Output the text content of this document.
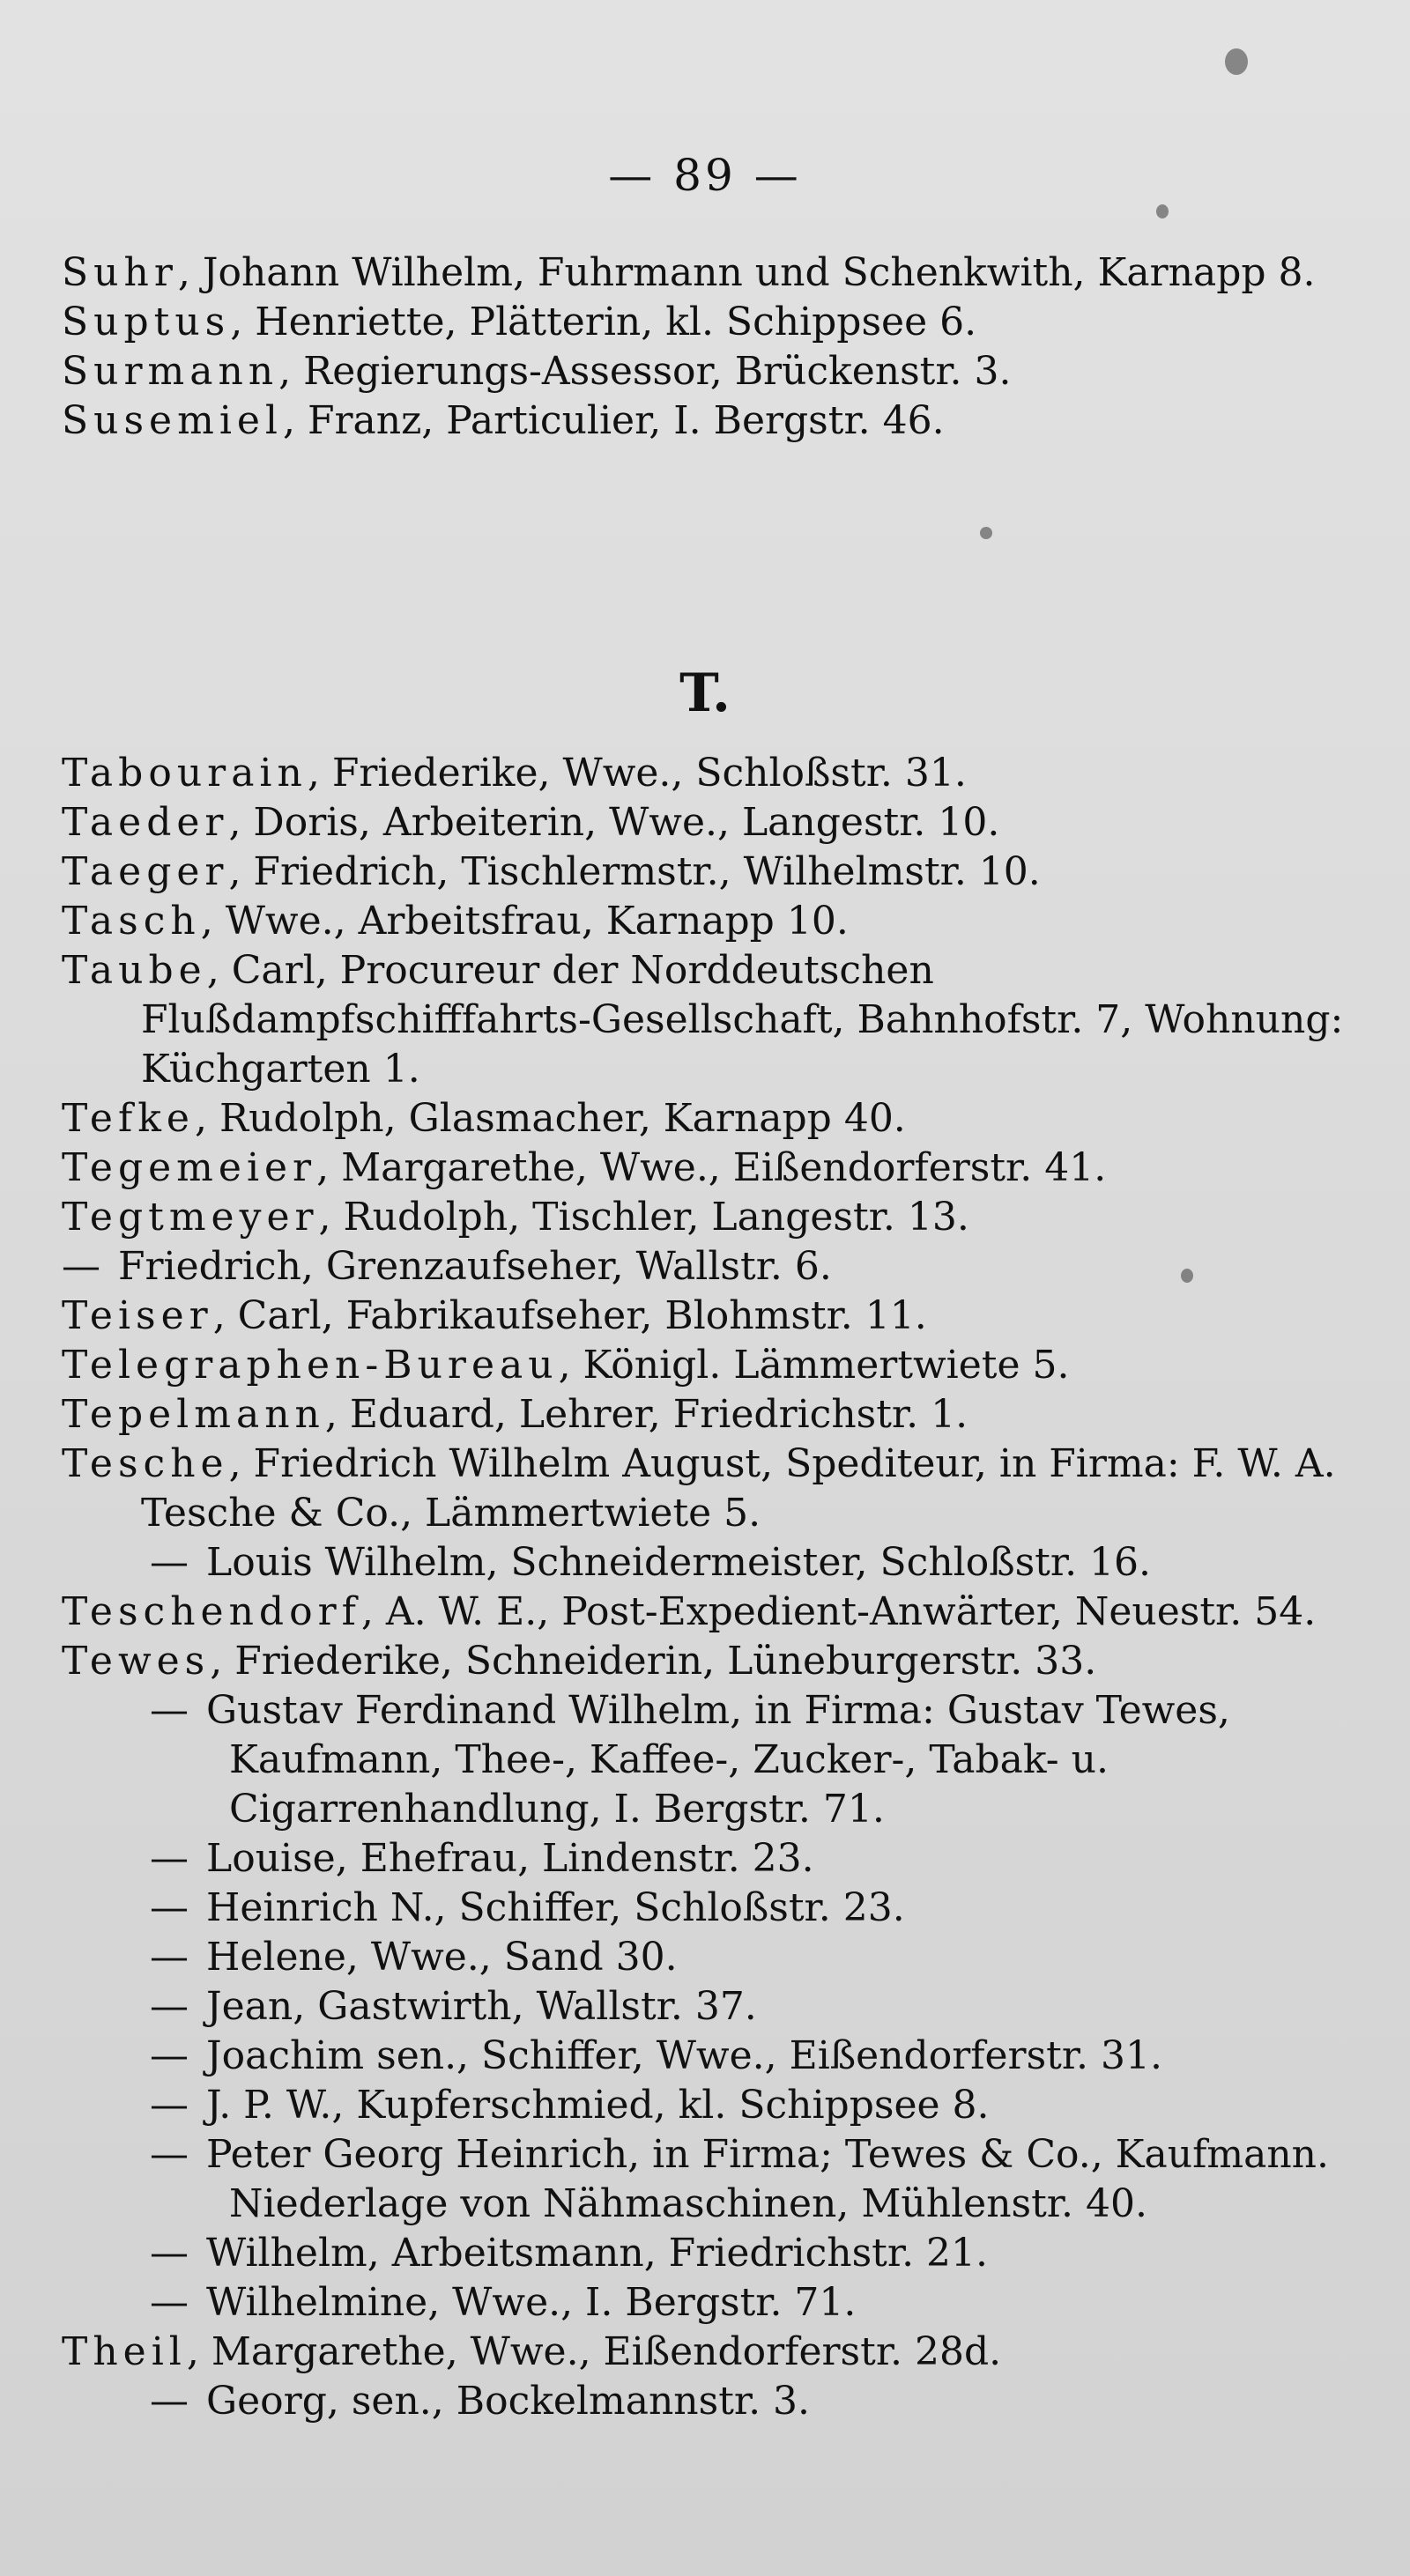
— 89 —
Suhr, Johann Wilhelm, Fuhrmann und Schenkwith, Karnapp 8.
Suptus, Henriette, Plätterin, kl. Schippsee 6.
Surmann, Regierungs-Assessor, Brückenstr. 3.
Susemiel, Franz, Particulier, I. Bergstr. 46.
T.
Tabourain, Friederike, Wwe., Schloßstr. 31.
Taeder, Doris, Arbeiterin, Wwe., Langestr. 10.
Taeger, Friedrich, Tischlermstr., Wilhelmstr. 10.
Tasch, Wwe., Arbeitsfrau, Karnapp 10.
Taube, Carl, Procureur der Norddeutschen Flußdampfschifffahrts-Gesellschaft, Bahnhofstr. 7, Wohnung: Küchgarten 1.
Tefke, Rudolph, Glasmacher, Karnapp 40.
Tegemeier, Margarethe, Wwe., Eißendorferstr. 41.
Tegtmeyer, Rudolph, Tischler, Langestr. 13.
— Friedrich, Grenzaufseher, Wallstr. 6.
Teiser, Carl, Fabrikaufseher, Blohmstr. 11.
Telegraphen-Bureau, Königl. Lämmertwiete 5.
Tepelmann, Eduard, Lehrer, Friedrichstr. 1.
Tesche, Friedrich Wilhelm August, Spediteur, in Firma: F. W. A. Tesche & Co., Lämmertwiete 5.
— Louis Wilhelm, Schneidermeister, Schloßstr. 16.
Teschendorf, A. W. E., Post-Expedient-Anwärter, Neuestr. 54.
Tewes, Friederike, Schneiderin, Lüneburgerstr. 33.
— Gustav Ferdinand Wilhelm, in Firma: Gustav Tewes, Kaufmann, Thee-, Kaffee-, Zucker-, Tabak- u. Cigarrenhandlung, I. Bergstr. 71.
— Louise, Ehefrau, Lindenstr. 23.
— Heinrich N., Schiffer, Schloßstr. 23.
— Helene, Wwe., Sand 30.
— Jean, Gastwirth, Wallstr. 37.
— Joachim sen., Schiffer, Wwe., Eißendorferstr. 31.
— J. P. W., Kupferschmied, kl. Schippsee 8.
— Peter Georg Heinrich, in Firma; Tewes & Co., Kaufmann. Niederlage von Nähmaschinen, Mühlenstr. 40.
— Wilhelm, Arbeitsmann, Friedrichstr. 21.
— Wilhelmine, Wwe., I. Bergstr. 71.
Theil, Margarethe, Wwe., Eißendorferstr. 28d.
— Georg, sen., Bockelmannstr. 3.
